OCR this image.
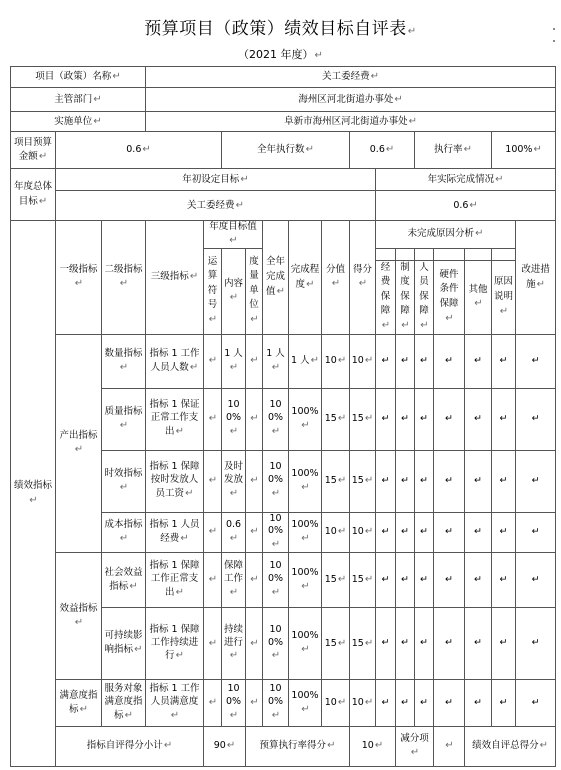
预算项目（政策）绩效目标自评表↵
（2021 年度）↵
项目（政策）名称↵			关工委经费↵															
主管部门↵			海州区河北街道办事处↵															
实施单位↵			阜新市海州区河北街道办事处↵															
项目预算金额↵	0.6↵				全年执行数↵					0.6↵			执行率↵			100%↵		
年度总体目标↵	年初设定目标↵										年实际完成情况↵							
	关工委经费↵										0.6↵							
绩效指标↵	一级指标↵	二级指标↵	三级指标↵	年度目标值↵			全年完成值↵	完成程度↵	分值↵	得分↵	未完成原因分析↵						改进措施↵	
				运算符号↵	内容↵	度量单位↵												
											经费保障↵	制度保障↵	人员保障↵	硬件条件保障↵	其他↵	原因说明↵		
	产出指标↵	数量指标↵	指标 1 工作人员人数↵	↵	1 人↵	↵	1 人↵	1 人↵	10↵	10↵	↵	↵	↵	↵	↵	↵	↵	
		质量指标↵	指标 1 保证正常工作支出↵	↵	100%↵	↵	100%↵	100%↵	15↵	15↵	↵	↵	↵	↵	↵	↵	↵	
		时效指标↵	指标 1 保障按时发放人员工资↵	↵	及时发放↵	↵	100%↵	100%↵	15↵	15↵	↵	↵	↵	↵	↵	↵	↵	
		成本指标↵	指标 1 人员经费↵	↵	0.6↵	↵	100%↵	100%↵	10↵	10↵	↵	↵	↵	↵	↵	↵	↵	
	效益指标↵	社会效益指标↵	指标 1 保障工作正常支出↵	↵	保障工作↵	↵	100%↵	100%↵	15↵	15↵	↵	↵	↵	↵	↵	↵	↵	
		可持续影响指标↵	指标 1 保障工作持续进行↵	↵	持续进行↵	↵	100%↵	100%↵	15↵	15↵	↵	↵	↵	↵	↵	↵	↵	
	满意度指标↵	服务对象满意度指标↵	指标 1 工作人员满意度↵	↵	100%↵	↵	100%↵	100%↵	10↵	10↵	↵	↵	↵	↵	↵	↵	↵	
	指标自评得分小计↵			90↵		预算执行率得分↵				10↵		减分项↵		↵	绩效自评总得分↵	
